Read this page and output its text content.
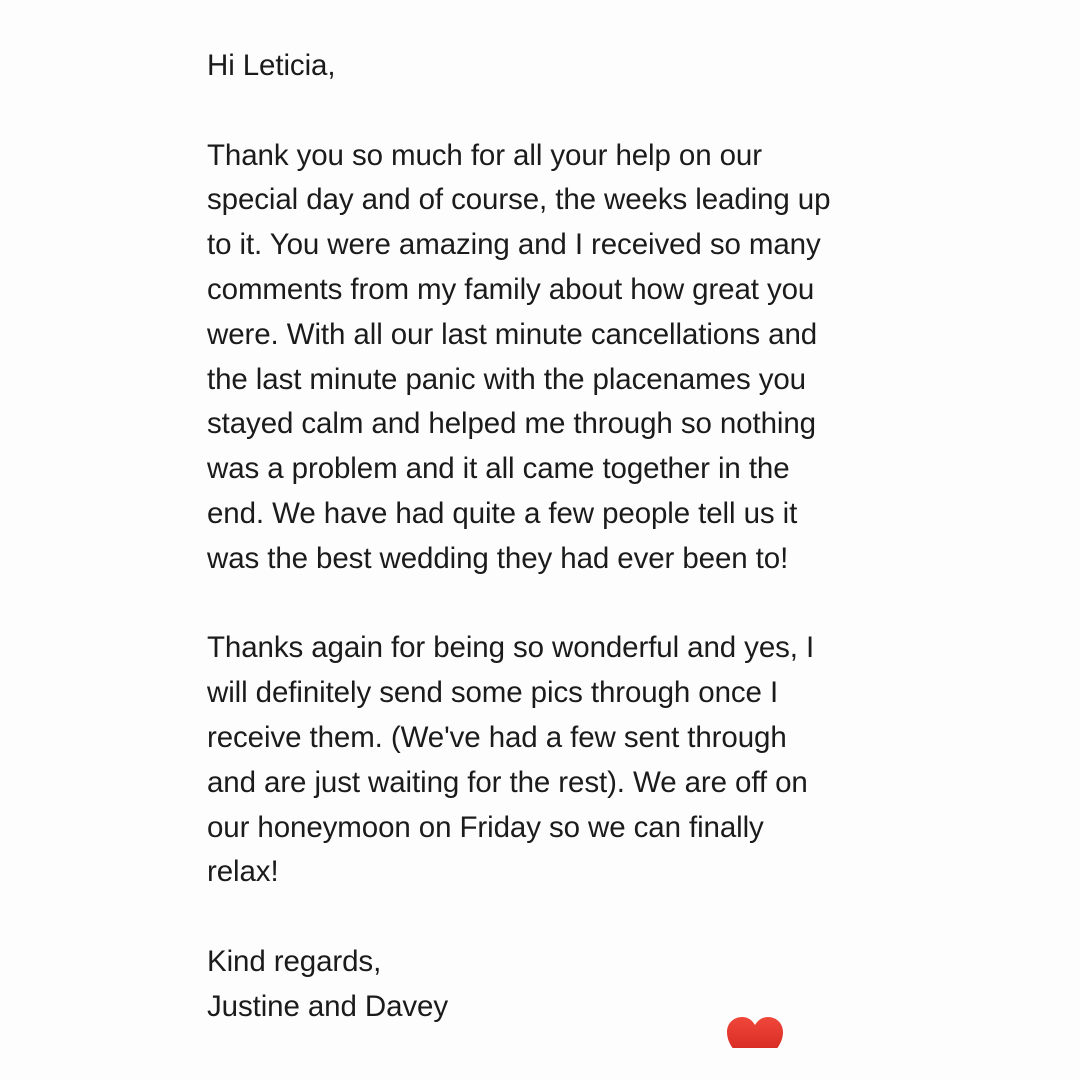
Hi Leticia,

Thank you so much for all your help on our
special day and of course, the weeks leading up
to it. You were amazing and I received so many
comments from my family about how great you
were. With all our last minute cancellations and
the last minute panic with the placenames you
stayed calm and helped me through so nothing
was a problem and it all came together in the
end. We have had quite a few people tell us it
was the best wedding they had ever been to!

Thanks again for being so wonderful and yes, I
will definitely send some pics through once I
receive them. (We've had a few sent through
and are just waiting for the rest). We are off on
our honeymoon on Friday so we can finally
relax!

Kind regards,

Justine and Davey
